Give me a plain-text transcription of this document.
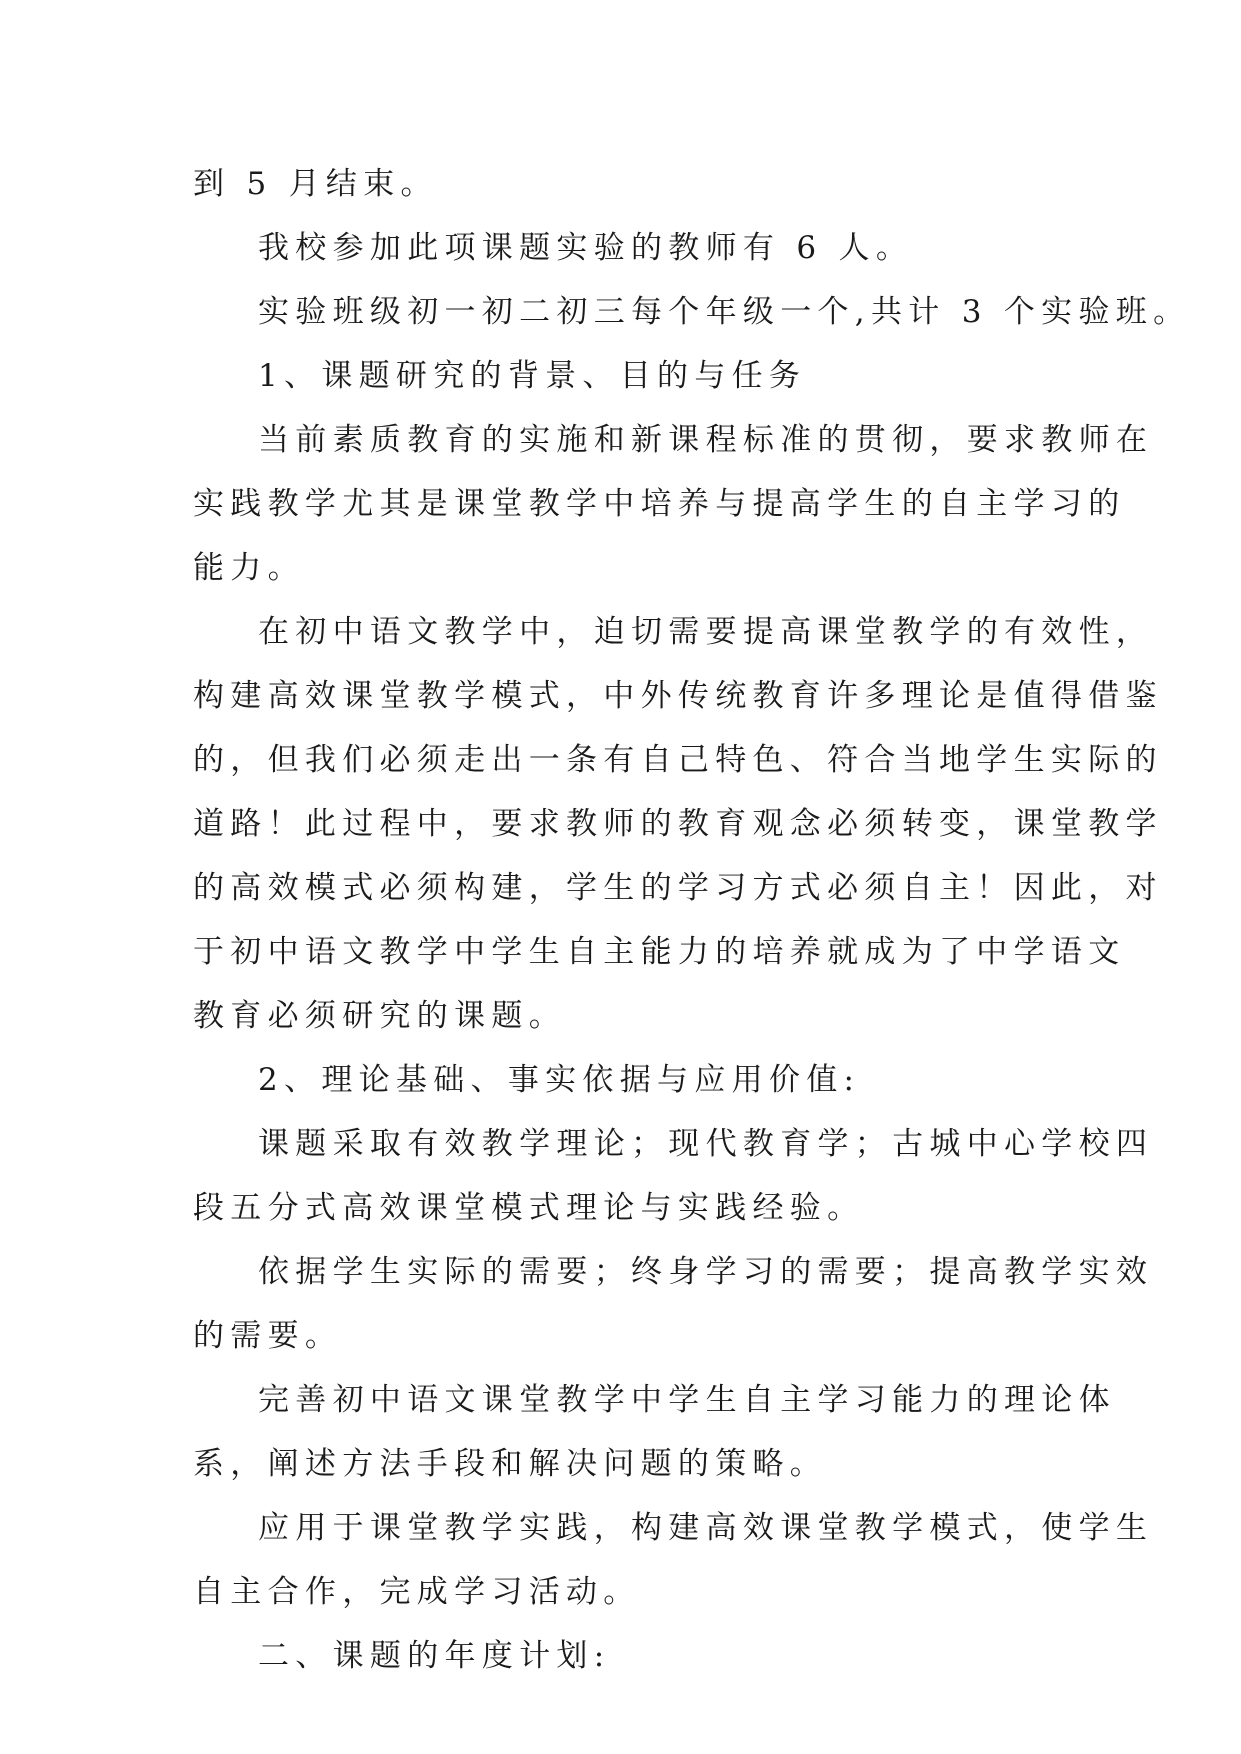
到 5 月结束。
我校参加此项课题实验的教师有 6 人。
实验班级初一初二初三每个年级一个,共计 3 个实验班。
1、课题研究的背景、目的与任务
当前素质教育的实施和新课程标准的贯彻，要求教师在
实践教学尤其是课堂教学中培养与提高学生的自主学习的
能力。
在初中语文教学中，迫切需要提高课堂教学的有效性，
构建高效课堂教学模式，中外传统教育许多理论是值得借鉴
的，但我们必须走出一条有自己特色、符合当地学生实际的
道路！此过程中，要求教师的教育观念必须转变，课堂教学
的高效模式必须构建，学生的学习方式必须自主！因此，对
于初中语文教学中学生自主能力的培养就成为了中学语文
教育必须研究的课题。
2、理论基础、事实依据与应用价值:
课题采取有效教学理论；现代教育学；古城中心学校四
段五分式高效课堂模式理论与实践经验。
依据学生实际的需要；终身学习的需要；提高教学实效
的需要。
完善初中语文课堂教学中学生自主学习能力的理论体
系，阐述方法手段和解决问题的策略。
应用于课堂教学实践，构建高效课堂教学模式，使学生
自主合作，完成学习活动。
二、课题的年度计划:
